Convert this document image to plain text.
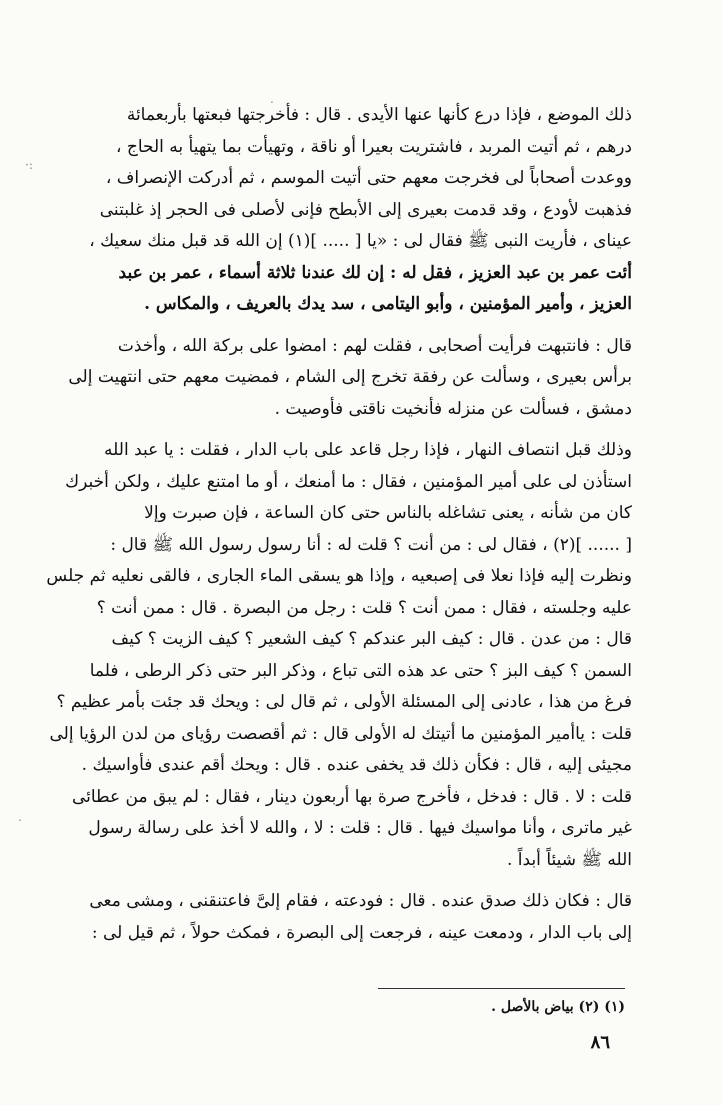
.
·:
.
ذلك الموضع ، فإذا درع كأنها عنها الأيدى . قال : فأخرجتها فبعتها بأربعمائة
درهم ، ثم أتيت المربد ، فاشتريت بعيرا أو ناقة ، وتهيأت بما يتهيأ به الحاج ،
ووعدت أصحاباً لى فخرجت معهم حتى أتيت الموسم ، ثم أدركت الإنصراف ،
فذهبت لأودع ، وقد قدمت بعيرى إلى الأبطح فإنى لأصلى فى الحجر إذ غلبتنى
عيناى ، فأريت النبى ﷺ فقال لى : «يا [ ..... ](١) إن الله قد قبل منك سعيك ،
أئت عمر بن عبد العزيز ، فقل له : إن لك عندنا ثلاثة أسماء ، عمر بن عبد
العزيز ، وأمير المؤمنين ، وأبو اليتامى ، سد يدك بالعريف ، والمكاس .
قال : فانتبهت فرأيت أصحابى ، فقلت لهم : امضوا على بركة الله ، وأخذت
برأس بعيرى ، وسألت عن رفقة تخرج إلى الشام ، فمضيت معهم حتى انتهيت إلى
دمشق ، فسألت عن منزله فأنخيت ناقتى فأوصيت .
وذلك قبل انتصاف النهار ، فإذا رجل قاعد على باب الدار ، فقلت : يا عبد الله
استأذن لى على أمير المؤمنين ، فقال : ما أمنعك ، أو ما امتنع عليك ، ولكن أخبرك
كان من شأنه ، يعنى تشاغله بالناس حتى كان الساعة ، فإن صبرت وإلا
[ ...... ](٢) ، فقال لى : من أنت ؟ قلت له : أنا رسول رسول الله ﷺ قال :
ونظرت إليه فإذا نعلا فى إصبعيه ، وإذا هو يسقى الماء الجارى ، فالقى نعليه ثم جلس
عليه وجلسته ، فقال : ممن أنت ؟ قلت : رجل من البصرة . قال : ممن أنت ؟
قال : من عدن . قال : كيف البر عندكم ؟ كيف الشعير ؟ كيف الزيت ؟ كيف
السمن ؟ كيف البز ؟ حتى عد هذه التى تباع ، وذكر البر حتى ذكر الرطى ، فلما
فرغ من هذا ، عادنى إلى المسئلة الأولى ، ثم قال لى : ويحك قد جئت بأمر عظيم ؟
قلت : ياأمير المؤمنين ما أتيتك له الأولى قال : ثم أقصصت رؤياى من لدن الرؤيا إلى
مجيئى إليه ، قال : فكأن ذلك قد يخفى عنده . قال : ويحك أقم عندى فأواسيك .
قلت : لا . قال : فدخل ، فأخرج صرة بها أربعون دينار ، فقال : لم يبق من عطائى
غير ماترى ، وأنا مواسيك فيها . قال : قلت : لا ، والله لا أخذ على رسالة رسول
الله ﷺ شيئاً أبداً .
قال : فكان ذلك صدق عنده . قال : فودعته ، فقام إلىَّ فاعتنقنى ، ومشى معى
إلى باب الدار ، ودمعت عينه ، فرجعت إلى البصرة ، فمكث حولاً ، ثم قيل لى :
(١) (٢) بياض بالأصل .
٨٦
